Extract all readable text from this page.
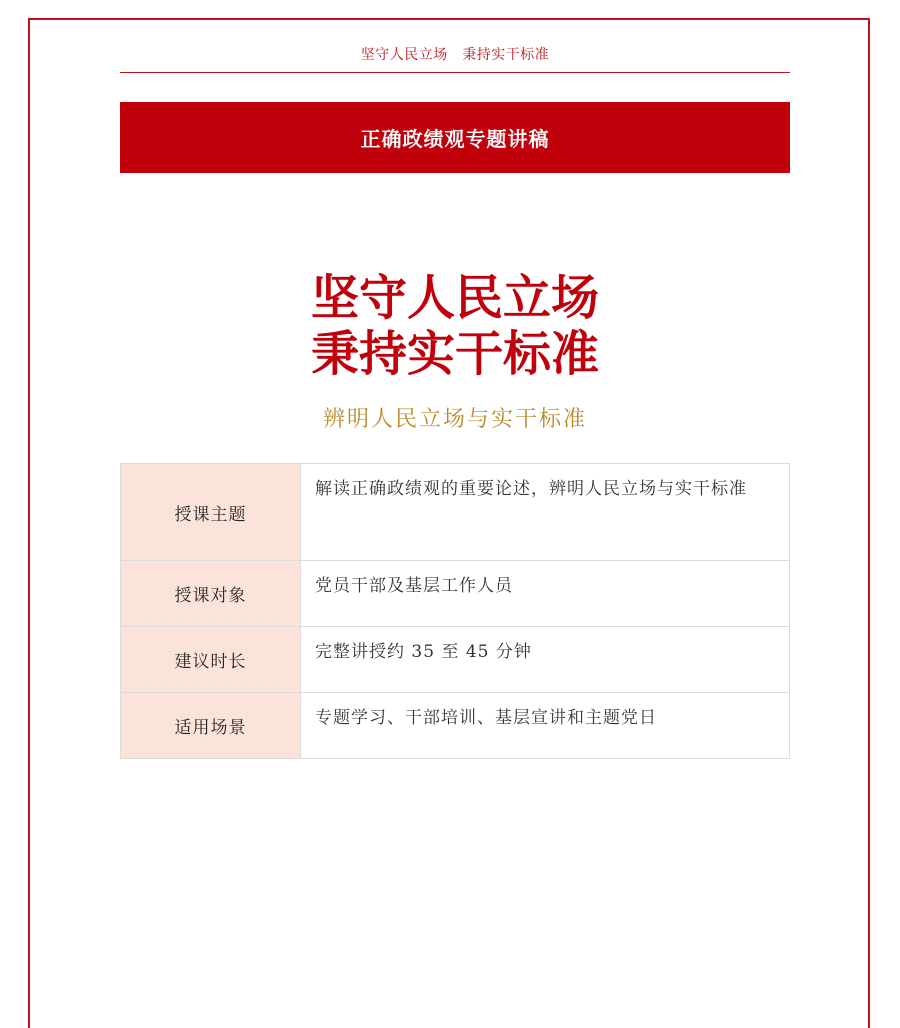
坚守人民立场　秉持实干标准
正确政绩观专题讲稿
坚守人民立场
秉持实干标准
辨明人民立场与实干标准
授课主题	解读正确政绩观的重要论述，辨明人民立场与实干标准
授课对象	党员干部及基层工作人员
建议时长	完整讲授约 35 至 45 分钟
适用场景	专题学习、干部培训、基层宣讲和主题党日
